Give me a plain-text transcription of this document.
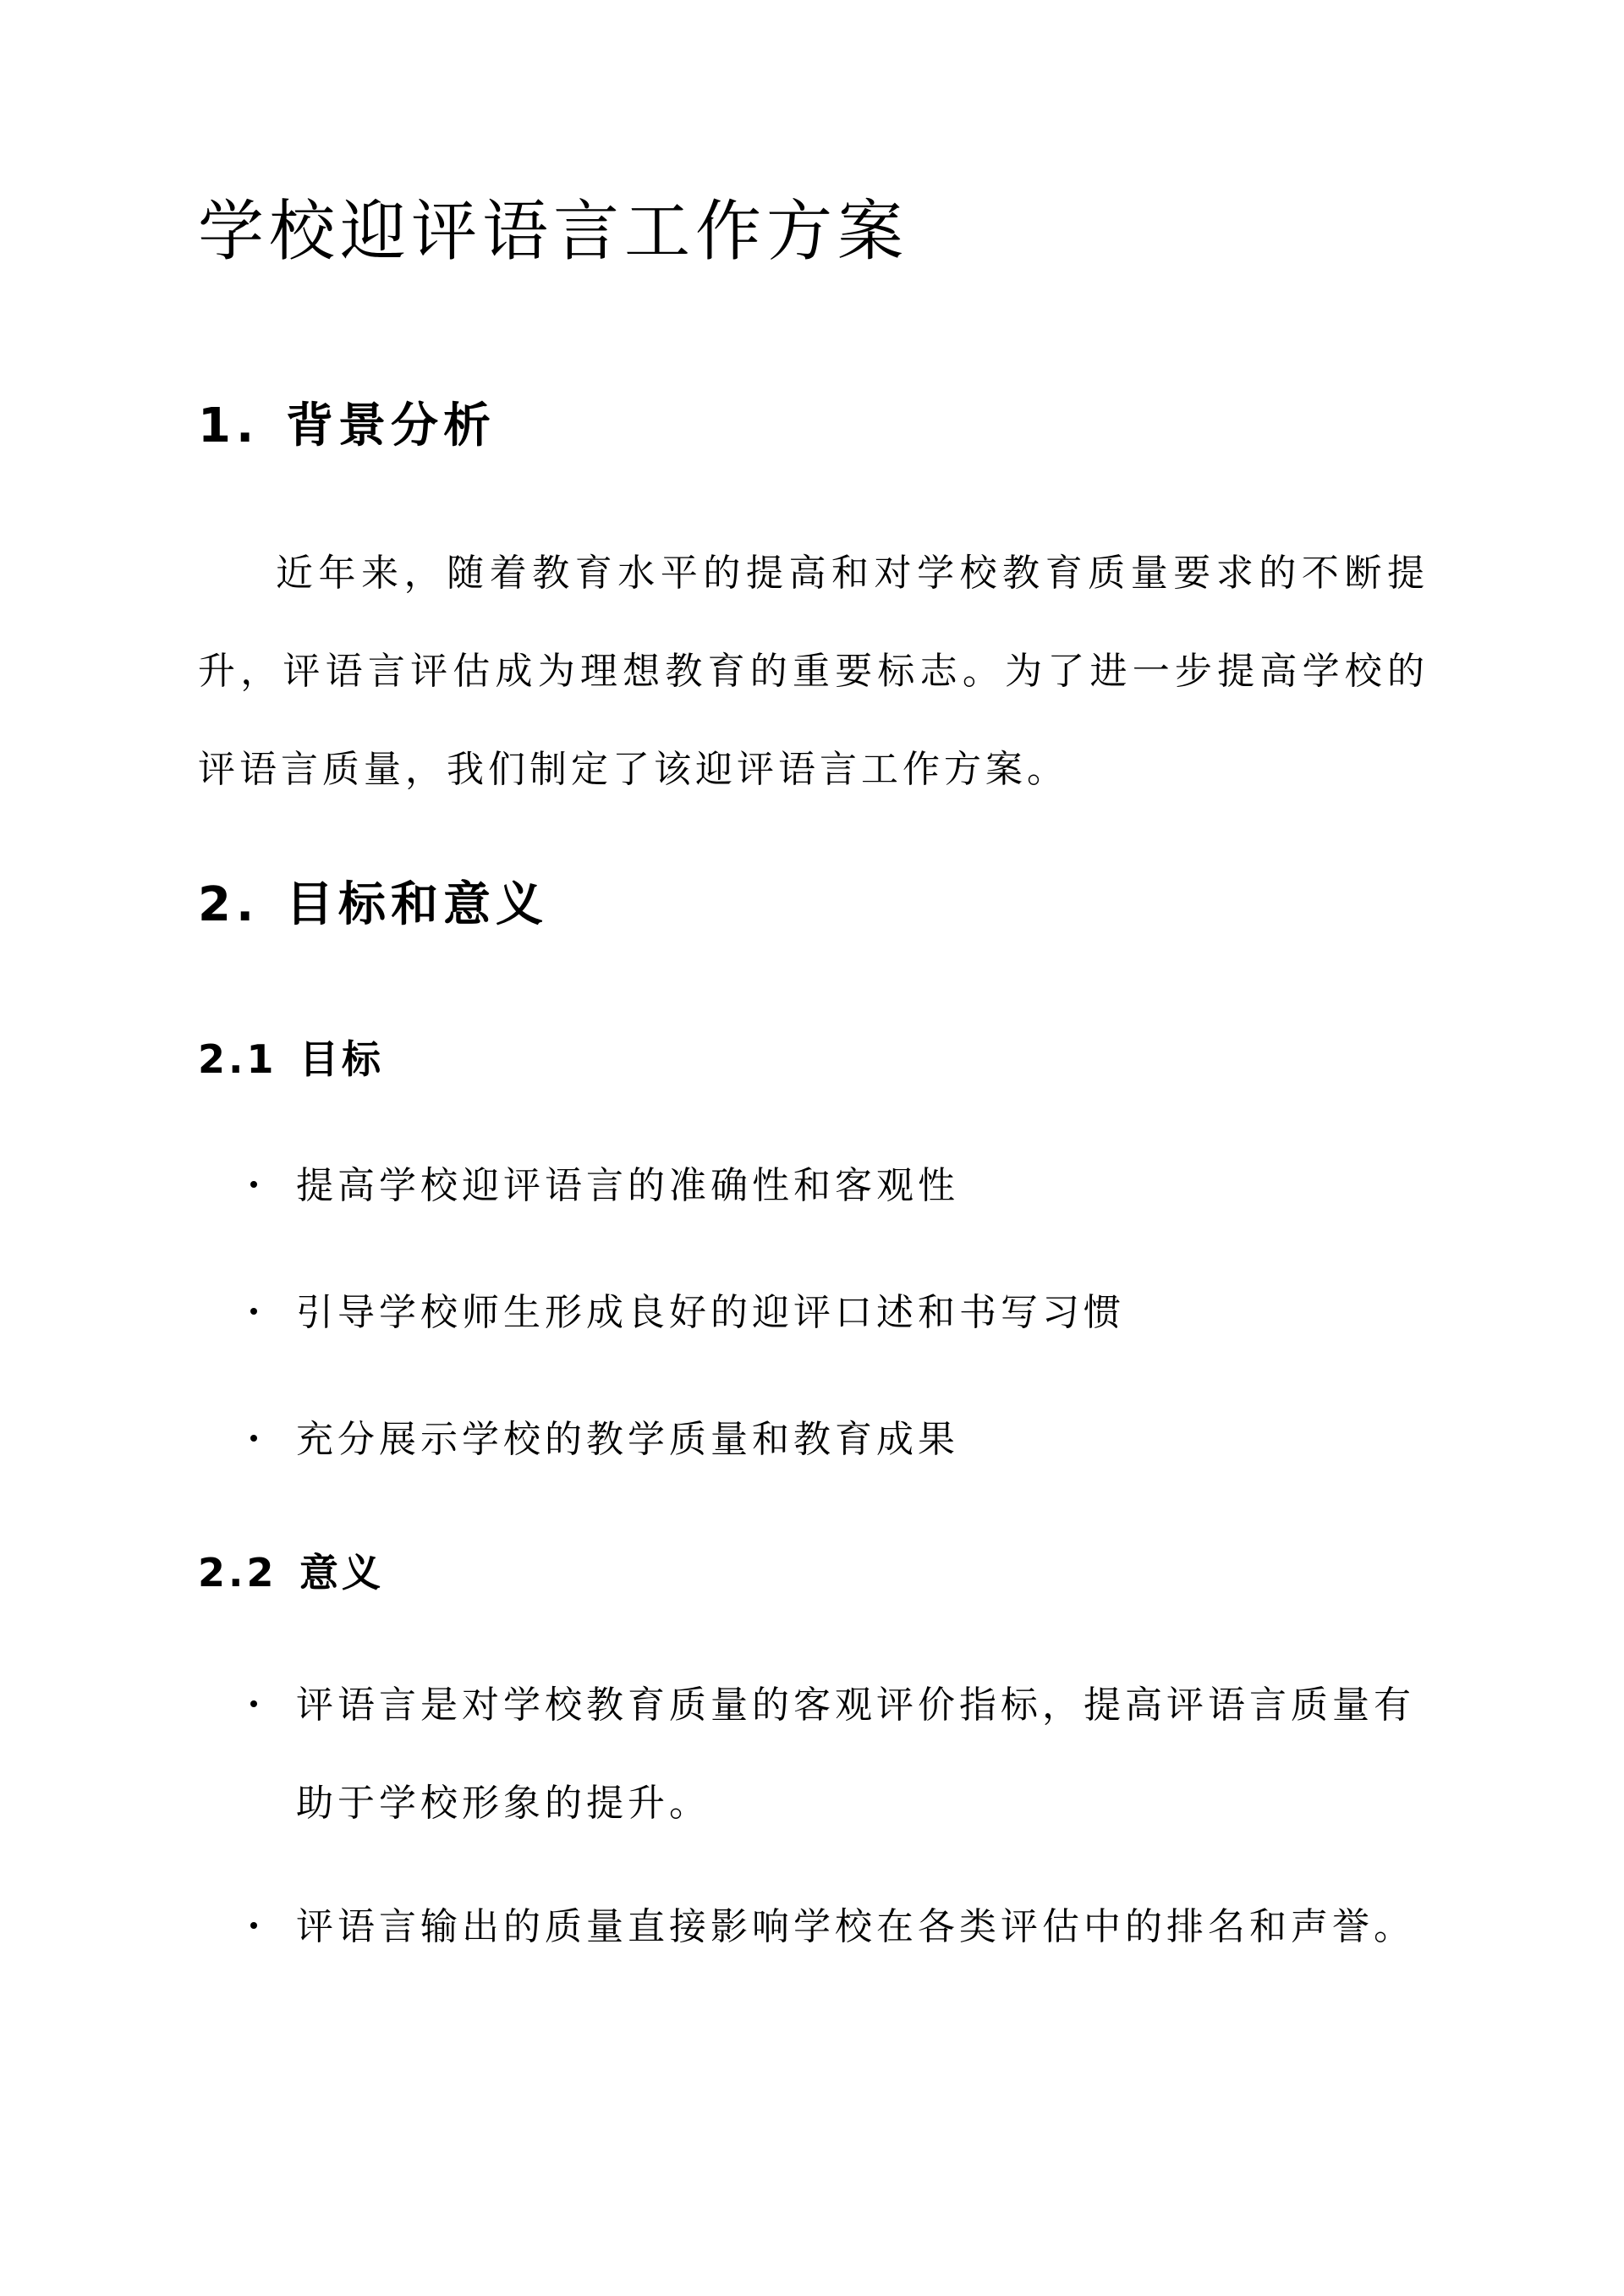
学校迎评语言工作方案
1. 背景分析

近年来，随着教育水平的提高和对学校教育质量要求的不断提升，评语言评估成为理想教育的重要标志。为了进一步提高学校的评语言质量，我们制定了该迎评语言工作方案。

2. 目标和意义
2.1 目标
提高学校迎评语言的准确性和客观性
引导学校师生形成良好的迎评口述和书写习惯
充分展示学校的教学质量和教育成果
2.2 意义
评语言是对学校教育质量的客观评价指标，提高评语言质量有助于学校形象的提升。
评语言输出的质量直接影响学校在各类评估中的排名和声誉。
